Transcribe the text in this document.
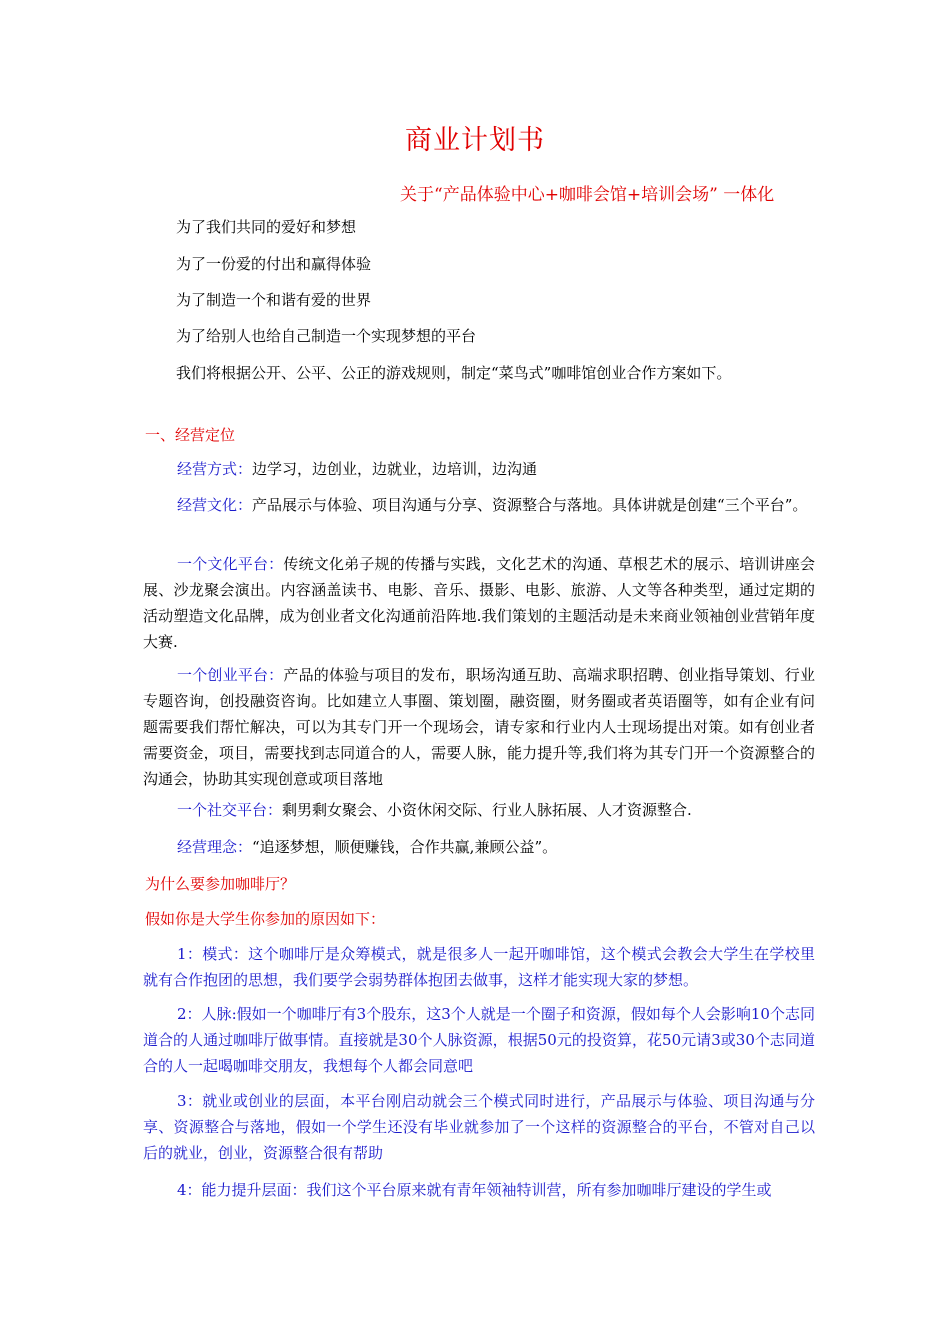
商业计划书
关于“产品体验中心+咖啡会馆+培训会场” 一体化
为了我们共同的爱好和梦想
为了一份爱的付出和赢得体验
为了制造一个和谐有爱的世界
为了给别人也给自己制造一个实现梦想的平台
我们将根据公开、公平、公正的游戏规则，制定“菜鸟式”咖啡馆创业合作方案如下。
一、经营定位
经营方式：边学习，边创业，边就业，边培训，边沟通
经营文化：产品展示与体验、项目沟通与分享、资源整合与落地。具体讲就是创建“三个平台”。
一个文化平台：传统文化弟子规的传播与实践，文化艺术的沟通、草根艺术的展示、培训讲座会展、沙龙聚会演出。内容涵盖读书、电影、音乐、摄影、电影、旅游、人文等各种类型，通过定期的活动塑造文化品牌，成为创业者文化沟通前沿阵地.我们策划的主题活动是未来商业领袖创业营销年度大赛.
一个创业平台：产品的体验与项目的发布，职场沟通互助、高端求职招聘、创业指导策划、行业专题咨询，创投融资咨询。比如建立人事圈、策划圈，融资圈，财务圈或者英语圈等，如有企业有问题需要我们帮忙解决，可以为其专门开一个现场会，请专家和行业内人士现场提出对策。如有创业者需要资金，项目，需要找到志同道合的人，需要人脉，能力提升等,我们将为其专门开一个资源整合的沟通会，协助其实现创意或项目落地
一个社交平台：剩男剩女聚会、小资休闲交际、行业人脉拓展、人才资源整合.
经营理念：“追逐梦想，顺便赚钱，合作共赢,兼顾公益”。
为什么要参加咖啡厅？
假如你是大学生你参加的原因如下：
1：模式：这个咖啡厅是众筹模式，就是很多人一起开咖啡馆，这个模式会教会大学生在学校里就有合作抱团的思想，我们要学会弱势群体抱团去做事，这样才能实现大家的梦想。
2：人脉:假如一个咖啡厅有3个股东，这3个人就是一个圈子和资源，假如每个人会影响10个志同道合的人通过咖啡厅做事情。直接就是30个人脉资源，根据50元的投资算，花50元请3或30个志同道合的人一起喝咖啡交朋友，我想每个人都会同意吧
3：就业或创业的层面，本平台刚启动就会三个模式同时进行，产品展示与体验、项目沟通与分享、资源整合与落地，假如一个学生还没有毕业就参加了一个这样的资源整合的平台，不管对自己以后的就业，创业，资源整合很有帮助
4：能力提升层面：我们这个平台原来就有青年领袖特训营，所有参加咖啡厅建设的学生或
